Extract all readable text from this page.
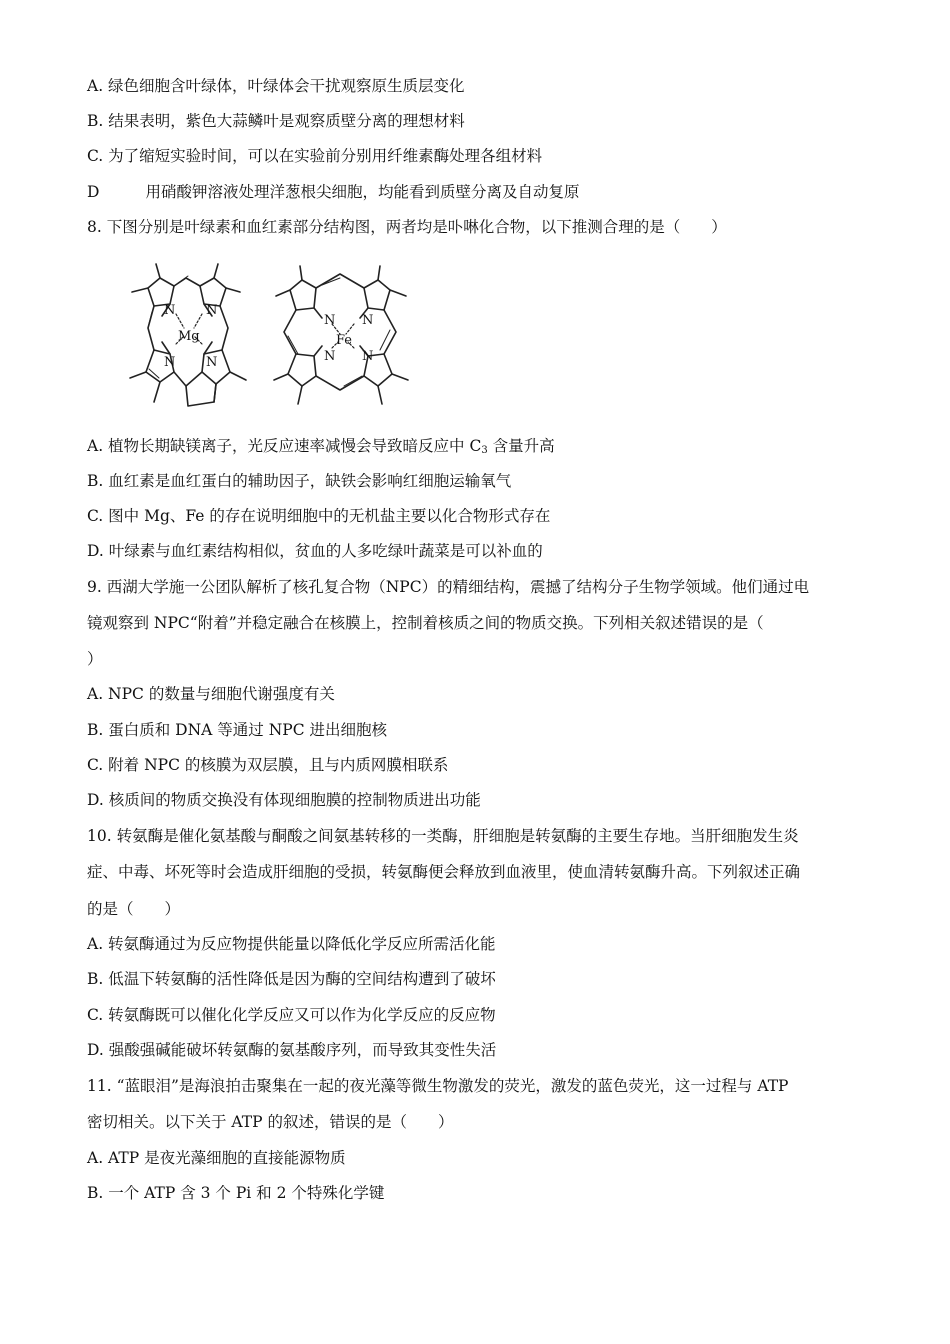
A. 绿色细胞含叶绿体，叶绿体会干扰观察原生质层变化
B. 结果表明，紫色大蒜鳞叶是观察质壁分离的理想材料
C. 为了缩短实验时间，可以在实验前分别用纤维素酶处理各组材料
D	用硝酸钾溶液处理洋葱根尖细胞，均能看到质壁分离及自动复原
8. 下图分别是叶绿素和血红素部分结构图，两者均是卟啉化合物，以下推测合理的是（　　）
N N
Mg
N N
N N
Fe
N N
A. 植物长期缺镁离子，光反应速率减慢会导致暗反应中 $C_3$ 含量升高
B. 血红素是血红蛋白的辅助因子，缺铁会影响红细胞运输氧气
C. 图中 Mg、Fe 的存在说明细胞中的无机盐主要以化合物形式存在
D. 叶绿素与血红素结构相似，贫血的人多吃绿叶蔬菜是可以补血的
9. 西湖大学施一公团队解析了核孔复合物（NPC）的精细结构，震撼了结构分子生物学领域。他们通过电
镜观察到 NPC“附着”并稳定融合在核膜上，控制着核质之间的物质交换。下列相关叙述错误的是（
）
A. NPC 的数量与细胞代谢强度有关
B. 蛋白质和 DNA 等通过 NPC 进出细胞核
C. 附着 NPC 的核膜为双层膜，且与内质网膜相联系
D. 核质间的物质交换没有体现细胞膜的控制物质进出功能
10. 转氨酶是催化氨基酸与酮酸之间氨基转移的一类酶，肝细胞是转氨酶的主要生存地。当肝细胞发生炎
症、中毒、坏死等时会造成肝细胞的受损，转氨酶便会释放到血液里，使血清转氨酶升高。下列叙述正确
的是（　　）
A. 转氨酶通过为反应物提供能量以降低化学反应所需活化能
B. 低温下转氨酶的活性降低是因为酶的空间结构遭到了破坏
C. 转氨酶既可以催化化学反应又可以作为化学反应的反应物
D. 强酸强碱能破坏转氨酶的氨基酸序列，而导致其变性失活
11. “蓝眼泪”是海浪拍击聚集在一起的夜光藻等微生物激发的荧光，激发的蓝色荧光，这一过程与 ATP
密切相关。以下关于 ATP 的叙述，错误的是（　　）
A. ATP 是夜光藻细胞的直接能源物质
B. 一个 ATP 含 3 个 Pi 和 2 个特殊化学键
